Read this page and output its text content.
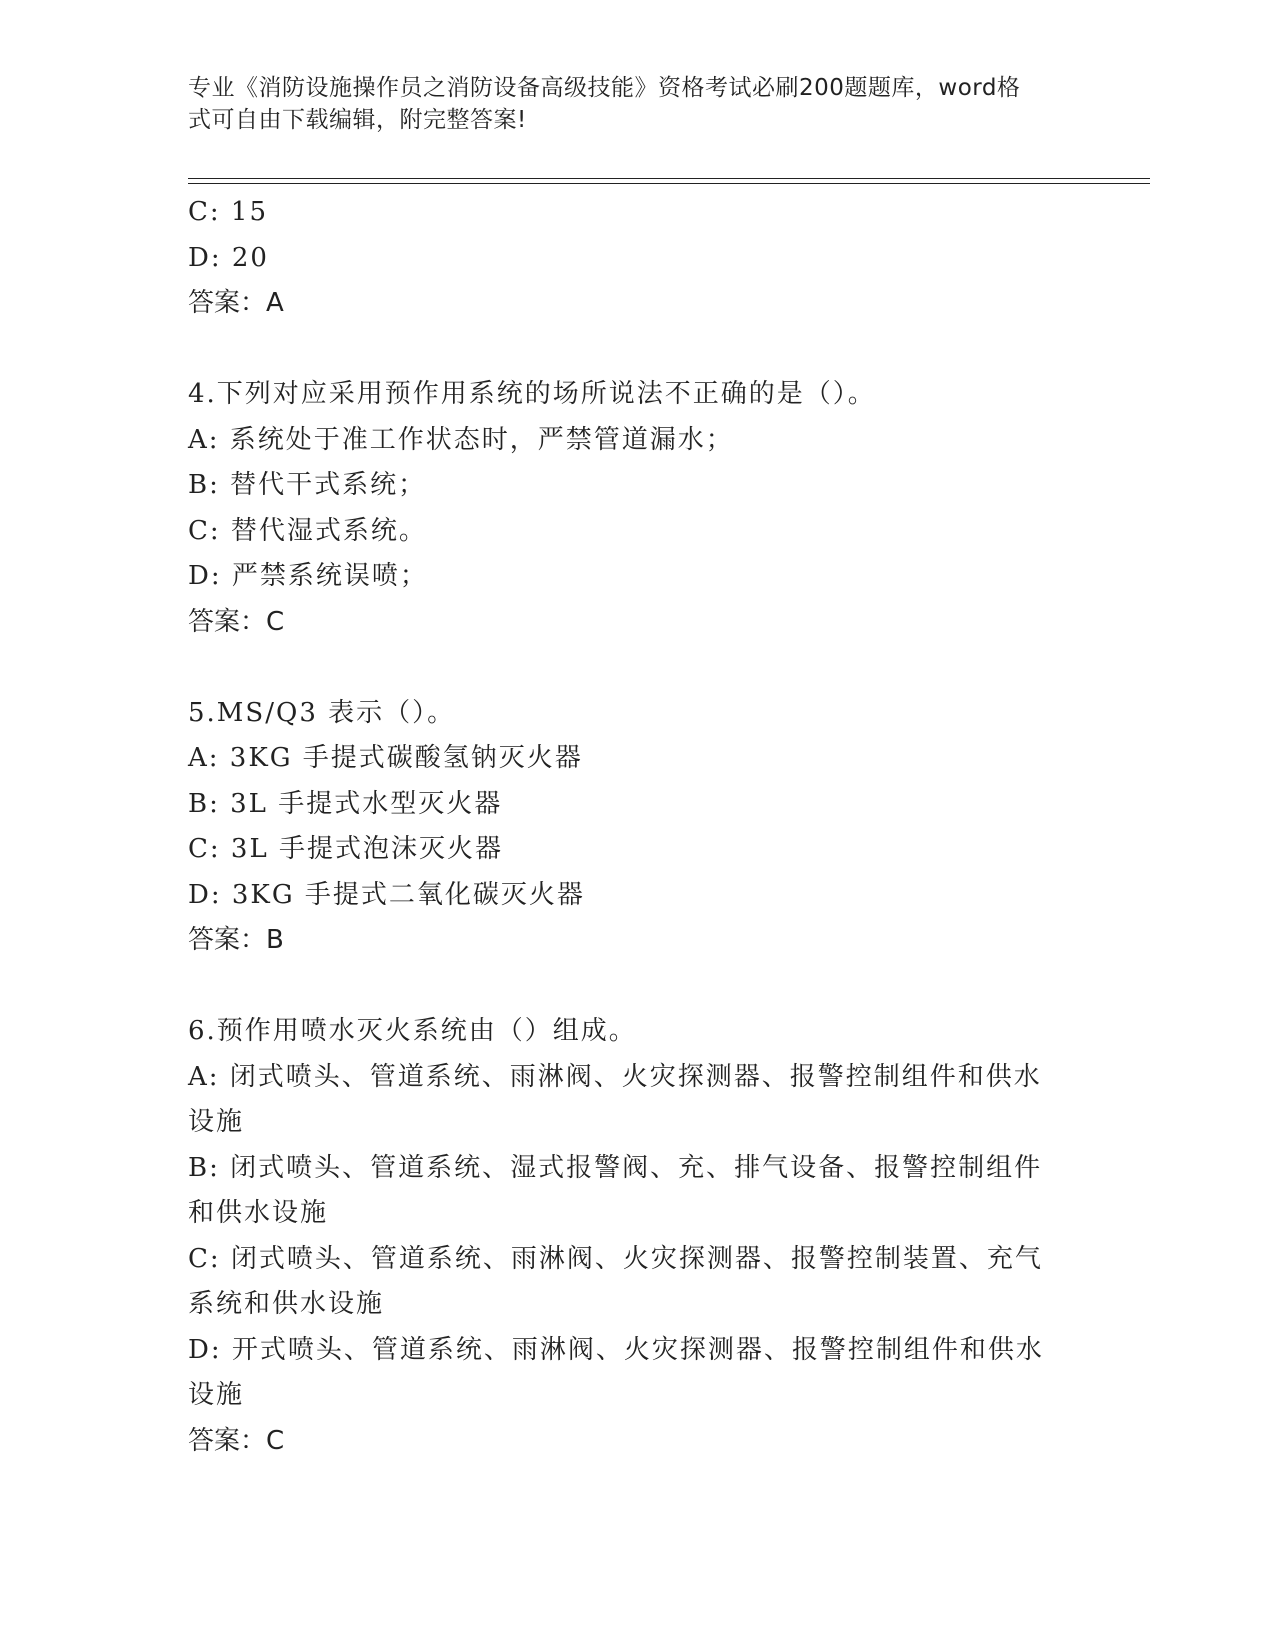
专业《消防设施操作员之消防设备高级技能》资格考试必刷200题题库，word格
式可自由下载编辑，附完整答案!
C: 15
D: 20
答案：A
4.下列对应采用预作用系统的场所说法不正确的是（）。
A: 系统处于准工作状态时，严禁管道漏水；
B: 替代干式系统；
C: 替代湿式系统。
D: 严禁系统误喷；
答案：C
5.MS/Q3 表示（）。
A: 3KG 手提式碳酸氢钠灭火器
B: 3L 手提式水型灭火器
C: 3L 手提式泡沫灭火器
D: 3KG 手提式二氧化碳灭火器
答案：B
6.预作用喷水灭火系统由（）组成。
A: 闭式喷头、管道系统、雨淋阀、火灾探测器、报警控制组件和供水
设施
B: 闭式喷头、管道系统、湿式报警阀、充、排气设备、报警控制组件
和供水设施
C: 闭式喷头、管道系统、雨淋阀、火灾探测器、报警控制装置、充气
系统和供水设施
D: 开式喷头、管道系统、雨淋阀、火灾探测器、报警控制组件和供水
设施
答案：C
